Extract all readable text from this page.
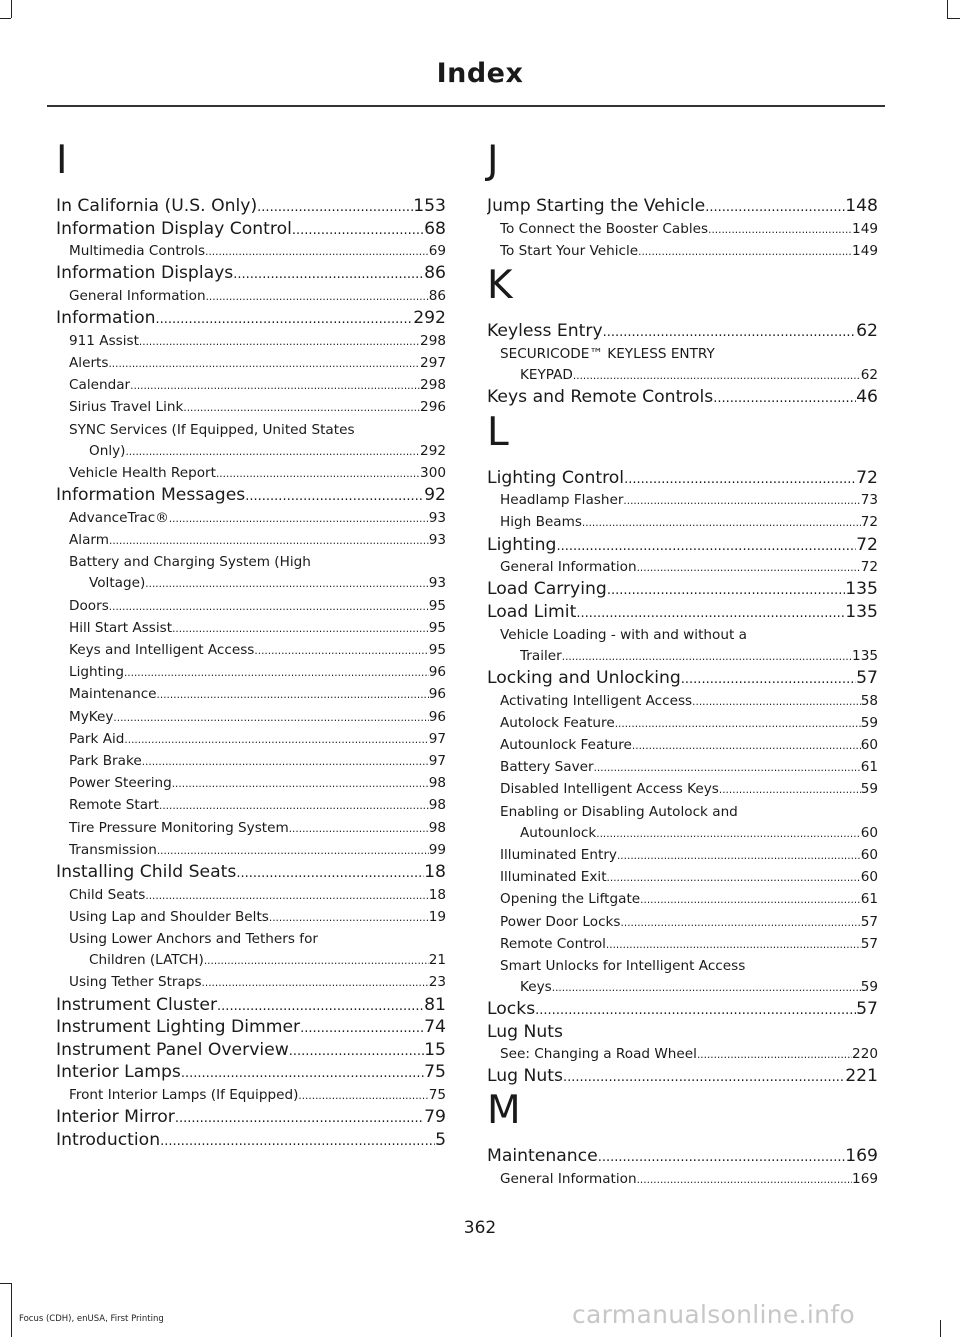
Index
I
In California (U.S. Only) .....	153
Information Display Control .....	68
Multimedia Controls .....	69
Information Displays .....	86
General Information .....	86
Information .....	292
911 Assist .....	298
Alerts .....	297
Calendar .....	298
Sirius Travel Link .....	296
SYNC Services (If Equipped, United States
Only) .....	292
Vehicle Health Report .....	300
Information Messages .....	92
AdvanceTrac® .....	93
Alarm .....	93
Battery and Charging System (High
Voltage) .....	93
Doors .....	95
Hill Start Assist .....	95
Keys and Intelligent Access .....	95
Lighting .....	96
Maintenance .....	96
MyKey .....	96
Park Aid .....	97
Park Brake .....	97
Power Steering .....	98
Remote Start .....	98
Tire Pressure Monitoring System .....	98
Transmission .....	99
Installing Child Seats .....	18
Child Seats .....	18
Using Lap and Shoulder Belts .....	19
Using Lower Anchors and Tethers for
Children (LATCH) .....	21
Using Tether Straps .....	23
Instrument Cluster .....	81
Instrument Lighting Dimmer .....	74
Instrument Panel Overview .....	15
Interior Lamps .....	75
Front Interior Lamps (If Equipped) .....	75
Interior Mirror .....	79
Introduction .....	5
J
Jump Starting the Vehicle .....	148
To Connect the Booster Cables .....	149
To Start Your Vehicle .....	149
K
Keyless Entry .....	62
SECURICODE™ KEYLESS ENTRY
KEYPAD .....	62
Keys and Remote Controls .....	46
L
Lighting Control .....	72
Headlamp Flasher .....	73
High Beams .....	72
Lighting .....	72
General Information .....	72
Load Carrying .....	135
Load Limit .....	135
Vehicle Loading - with and without a
Trailer .....	135
Locking and Unlocking .....	57
Activating Intelligent Access .....	58
Autolock Feature .....	59
Autounlock Feature .....	60
Battery Saver .....	61
Disabled Intelligent Access Keys .....	59
Enabling or Disabling Autolock and
Autounlock .....	60
Illuminated Entry .....	60
Illuminated Exit .....	60
Opening the Liftgate .....	61
Power Door Locks .....	57
Remote Control .....	57
Smart Unlocks for Intelligent Access
Keys .....	59
Locks .....	57
Lug Nuts
See: Changing a Road Wheel .....	220
Lug Nuts .....	221
M
Maintenance .....	169
General Information .....	169
362
Focus (CDH), enUSA, First Printing	carmanualsonline.info
